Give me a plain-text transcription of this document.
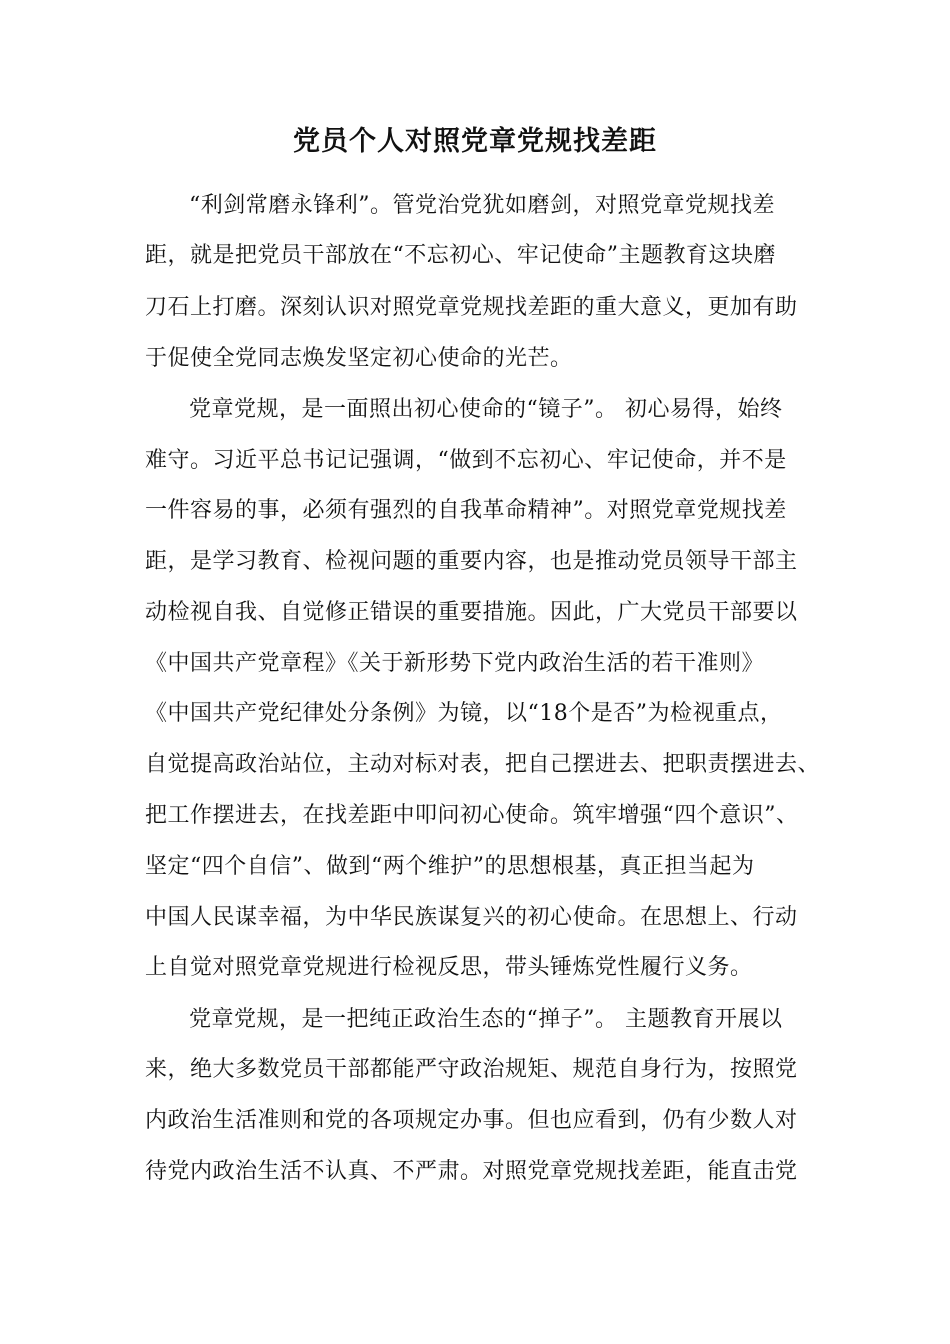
党员个人对照党章党规找差距
“利剑常磨永锋利”。管党治党犹如磨剑，对照党章党规找差
距，就是把党员干部放在“不忘初心、牢记使命”主题教育这块磨
刀石上打磨。深刻认识对照党章党规找差距的重大意义，更加有助
于促使全党同志焕发坚定初心使命的光芒。
党章党规，是一面照出初心使命的“镜子”。 初心易得，始终
难守。习近平总书记记强调，“做到不忘初心、牢记使命，并不是
一件容易的事，必须有强烈的自我革命精神”。对照党章党规找差
距，是学习教育、检视问题的重要内容，也是推动党员领导干部主
动检视自我、自觉修正错误的重要措施。因此，广大党员干部要以
《中国共产党章程》《关于新形势下党内政治生活的若干准则》
《中国共产党纪律处分条例》为镜，以“18个是否”为检视重点，
自觉提高政治站位，主动对标对表，把自己摆进去、把职责摆进去、
把工作摆进去，在找差距中叩问初心使命。筑牢增强“四个意识”、
坚定“四个自信”、做到“两个维护”的思想根基，真正担当起为
中国人民谋幸福，为中华民族谋复兴的初心使命。在思想上、行动
上自觉对照党章党规进行检视反思，带头锤炼党性履行义务。
党章党规，是一把纯正政治生态的“掸子”。 主题教育开展以
来，绝大多数党员干部都能严守政治规矩、规范自身行为，按照党
内政治生活准则和党的各项规定办事。但也应看到，仍有少数人对
待党内政治生活不认真、不严肃。对照党章党规找差距，能直击党
